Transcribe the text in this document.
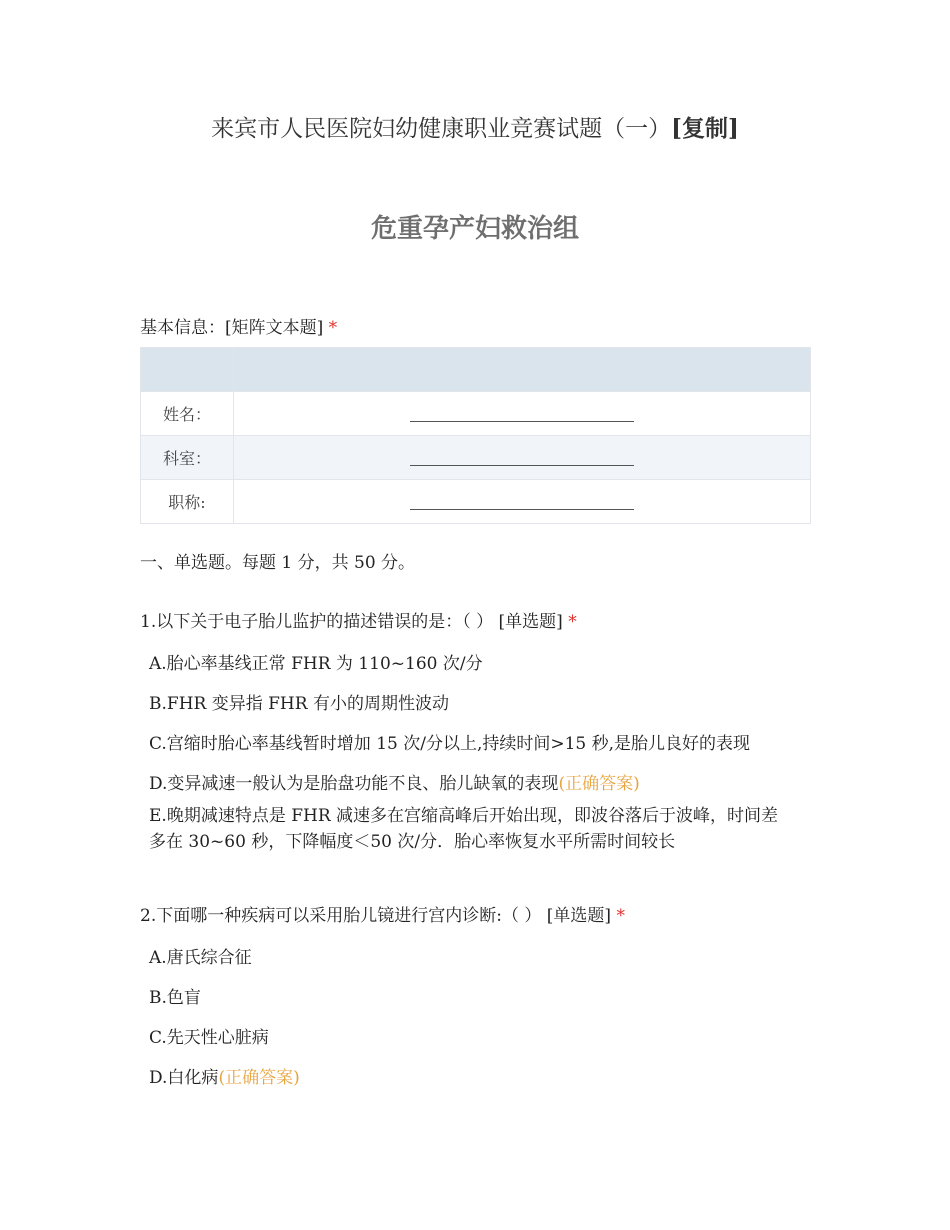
来宾市人民医院妇幼健康职业竞赛试题（一）[复制]
危重孕产妇救治组
基本信息：[矩阵文本题] *

姓名：	
科室：	
职称:	
一、单选题。每题 1 分，共 50 分。
1.以下关于电子胎儿监护的描述错误的是：（ ） [单选题] *
A.胎心率基线正常 FHR 为 110~160 次/分
B.FHR 变异指 FHR 有小的周期性波动
C.宫缩时胎心率基线暂时增加 15 次/分以上,持续时间>15 秒,是胎儿良好的表现
D.变异减速一般认为是胎盘功能不良、胎儿缺氧的表现(正确答案)
E.晚期减速特点是 FHR 减速多在宫缩高峰后开始出现，即波谷落后于波峰，时间差多在 30~60 秒，下降幅度＜50 次/分．胎心率恢复水平所需时间较长
2.下面哪一种疾病可以采用胎儿镜进行宫内诊断:（ ） [单选题] *
A.唐氏综合征
B.色盲
C.先天性心脏病
D.白化病(正确答案)
